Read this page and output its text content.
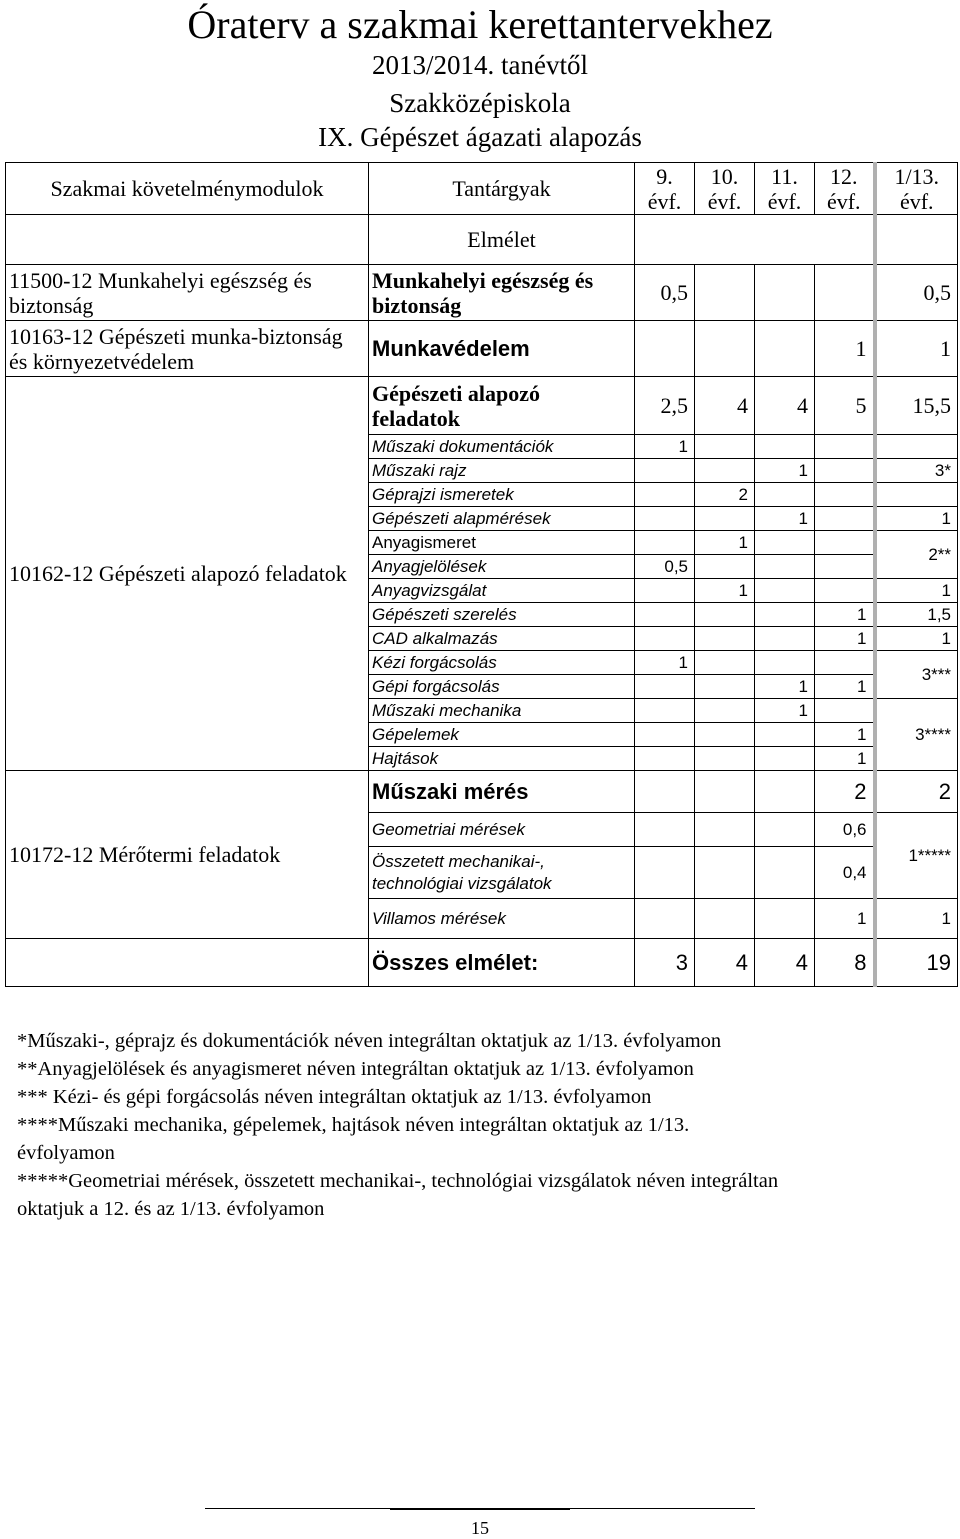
Óraterv a szakmai kerettantervekhez
2013/2014. tanévtől
Szakközépiskola
IX. Gépészet ágazati alapozás
Szakmai követelménymodulok	Tantárgyak	9. évf.	10. évf.	11. évf.	12. évf.	1/13. évf.
	Elmélet					
11500-12 Munkahelyi egészség és biztonság	Munkahelyi egészség és biztonság	0,5				0,5
10163-12 Gépészeti munka-biztonság és környezetvédelem	Munkavédelem				1	1
10162-12 Gépészeti alapozó feladatok	Gépészeti alapozó feladatok	2,5	4	4	5	15,5
	Műszaki dokumentációk	1				
	Műszaki rajz			1		3*
	Géprajzi ismeretek		2			
	Gépészeti alapmérések			1		1
	Anyagismeret		1			2**
	Anyagjelölések	0,5				
	Anyagvizsgálat		1			1
	Gépészeti szerelés				1	1,5
	CAD alkalmazás				1	1
	Kézi forgácsolás	1				3***
	Gépi forgácsolás			1	1	
	Műszaki mechanika			1		3****
	Gépelemek				1	
	Hajtások				1	
10172-12 Mérőtermi feladatok	Műszaki mérés				2	2
	Geometriai mérések				0,6	1*****
	Összetett mechanikai-, technológiai vizsgálatok				0,4	
	Villamos mérések				1	1
	Összes elmélet:	3	4	4	8	19
*Műszaki-, géprajz és dokumentációk néven integráltan oktatjuk az 1/13. évfolyamon
**Anyagjelölések és anyagismeret néven integráltan oktatjuk az 1/13. évfolyamon
*** Kézi- és gépi forgácsolás néven integráltan oktatjuk az 1/13. évfolyamon
****Műszaki mechanika, gépelemek, hajtások néven integráltan oktatjuk az 1/13.
évfolyamon
*****Geometriai mérések, összetett mechanikai-, technológiai vizsgálatok néven integráltan
oktatjuk a 12. és az 1/13. évfolyamon
15
